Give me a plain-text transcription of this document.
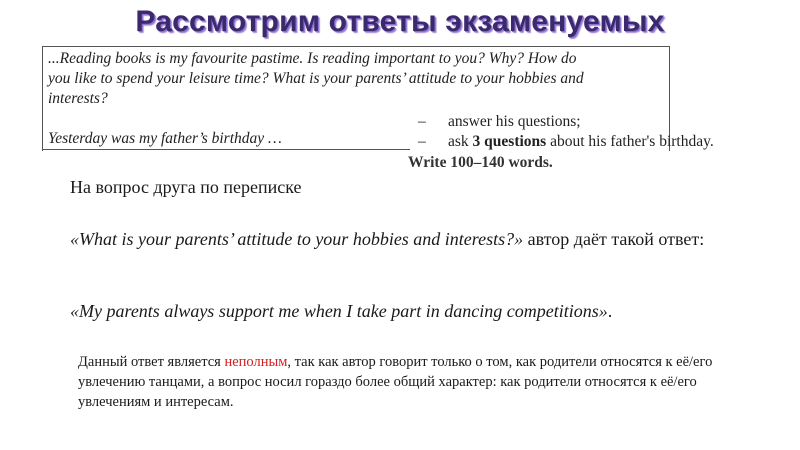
Рассмотрим ответы экзаменуемых
...Reading books is my favourite pastime. Is reading important to you? Why? How do
you like to spend your leisure time? What is your parents’ attitude to your hobbies and
interests?
Yesterday was my father’s birthday …
– answer his questions;
– ask 3 questions about his father's birthday.
Write 100–140 words.
На вопрос друга по переписке
«What is your parents’ attitude to your hobbies and interests?» автор даёт такой ответ:
«My parents always support me when I take part in dancing competitions».
Данный ответ является неполным, так как автор говорит только о том, как родители относятся к её/его увлечению танцами, а вопрос носил гораздо более общий характер: как родители относятся к её/его увлечениям и интересам.
